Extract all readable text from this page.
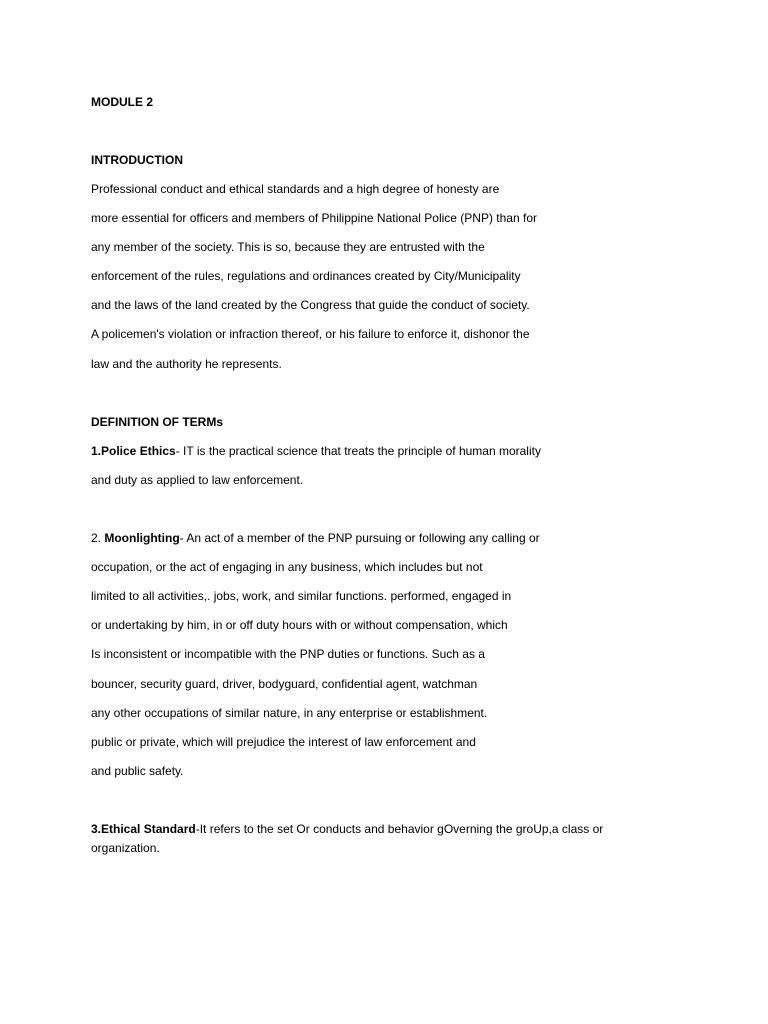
MODULE 2
INTRODUCTION
Professional conduct and ethical standards and a high degree of honesty are
more essential for officers and members of Philippine National Police (PNP) than for
any member of the society. This is so, because they are entrusted with the
enforcement of the rules, regulations and ordinances created by City/Municipality
and the laws of the land created by the Congress that guide the conduct of society.
A policemen's violation or infraction thereof, or his failure to enforce it, dishonor the
law and the authority he represents.
DEFINITION OF TERMs
1.Police Ethics- IT is the practical science that treats the principle of human morality
and duty as applied to law enforcement.
2. Moonlighting- An act of a member of the PNP pursuing or following any calling or
occupation, or the act of engaging in any business, which includes but not
limited to all activities,. jobs, work, and similar functions. performed, engaged in
or undertaking by him, in or off duty hours with or without compensation, which
Is inconsistent or incompatible with the PNP duties or functions. Such as a
bouncer, security guard, driver, bodyguard, confidential agent, watchman
any other occupations of similar nature, in any enterprise or establishment.
public or private, which will prejudice the interest of law enforcement and
and public safety.
3.Ethical Standard-It refers to the set Or conducts and behavior gOverning the groUp,a class or
organization.
